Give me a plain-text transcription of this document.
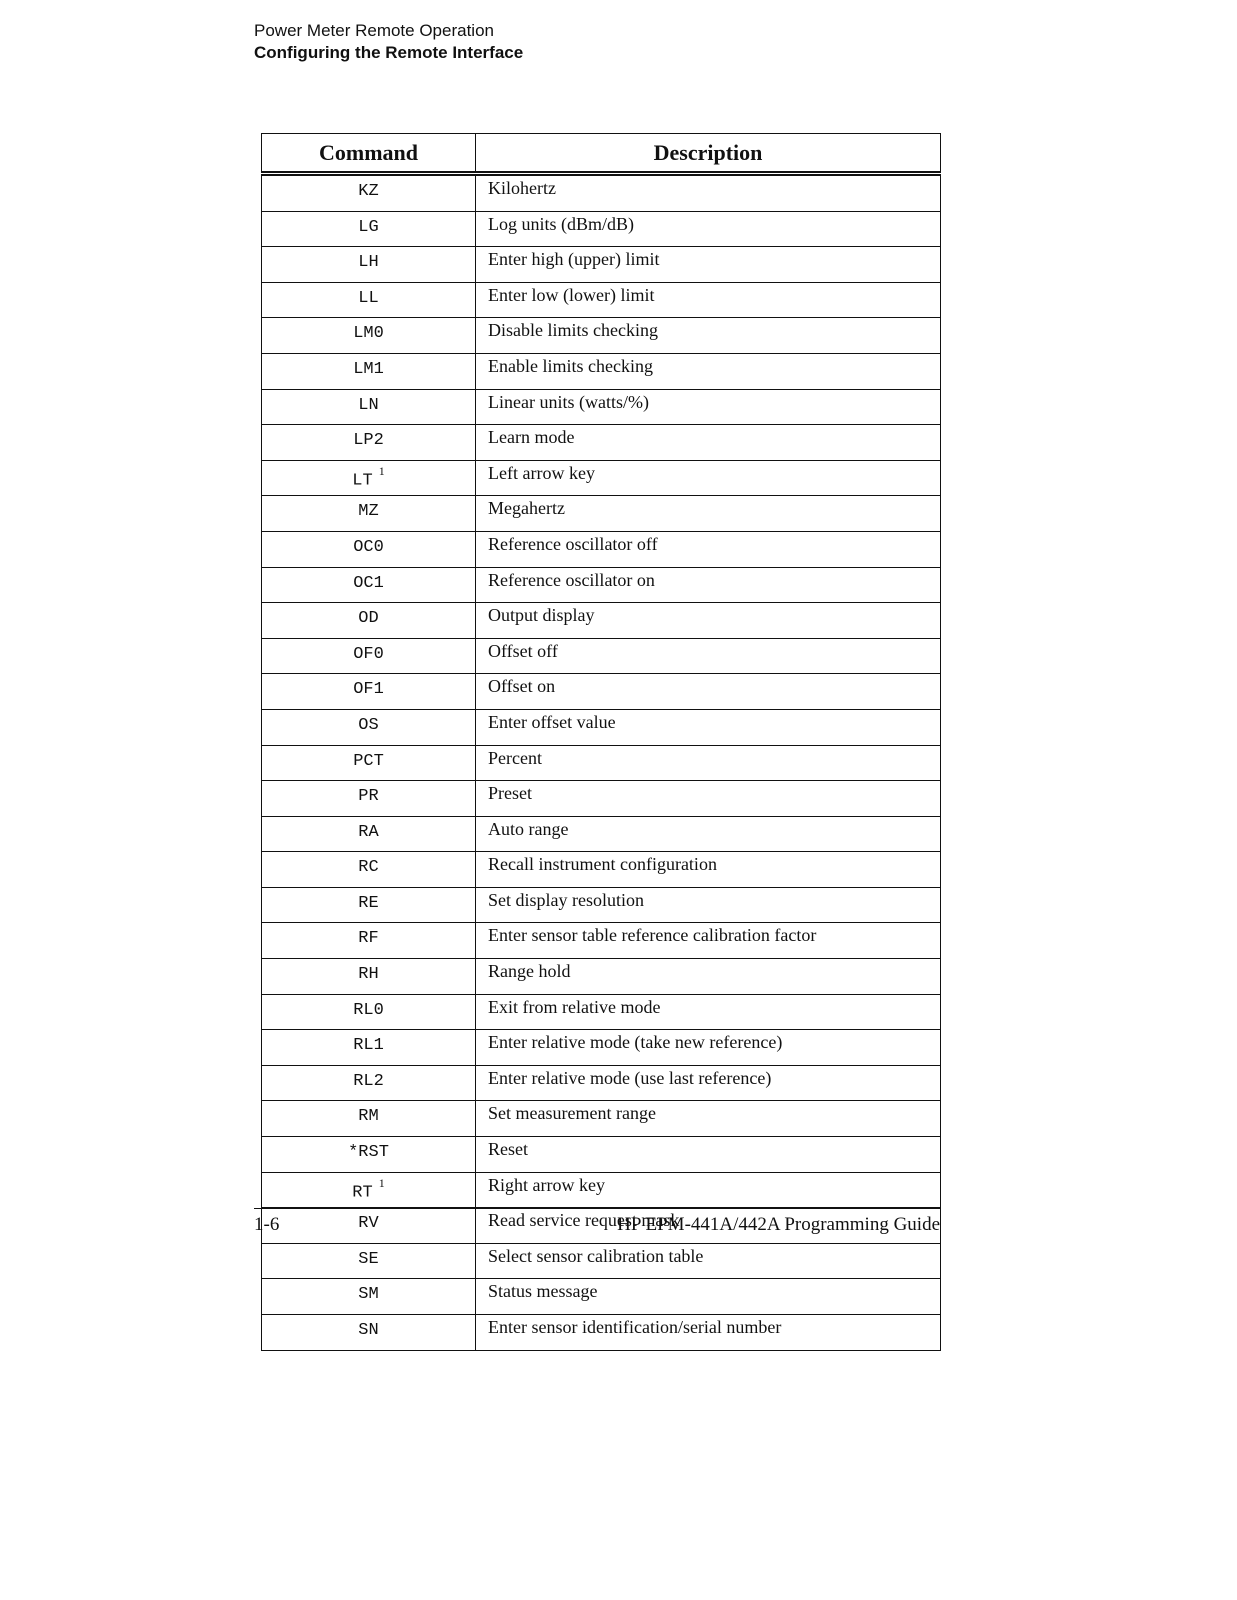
Power Meter Remote Operation
Configuring the Remote Interface
Command	Description
KZ	Kilohertz
LG	Log units (dBm/dB)
LH	Enter high (upper) limit
LL	Enter low (lower) limit
LM0	Disable limits checking
LM1	Enable limits checking
LN	Linear units (watts/%)
LP2	Learn mode
LT$^1$	Left arrow key
MZ	Megahertz
OC0	Reference oscillator off
OC1	Reference oscillator on
OD	Output display
OF0	Offset off
OF1	Offset on
OS	Enter offset value
PCT	Percent
PR	Preset
RA	Auto range
RC	Recall instrument configuration
RE	Set display resolution
RF	Enter sensor table reference calibration factor
RH	Range hold
RL0	Exit from relative mode
RL1	Enter relative mode (take new reference)
RL2	Enter relative mode (use last reference)
RM	Set measurement range
*RST	Reset
RT$^1$	Right arrow key
RV	Read service request mask
SE	Select sensor calibration table
SM	Status message
SN	Enter sensor identification/serial number
1-6	HP EPM-441A/442A Programming Guide
